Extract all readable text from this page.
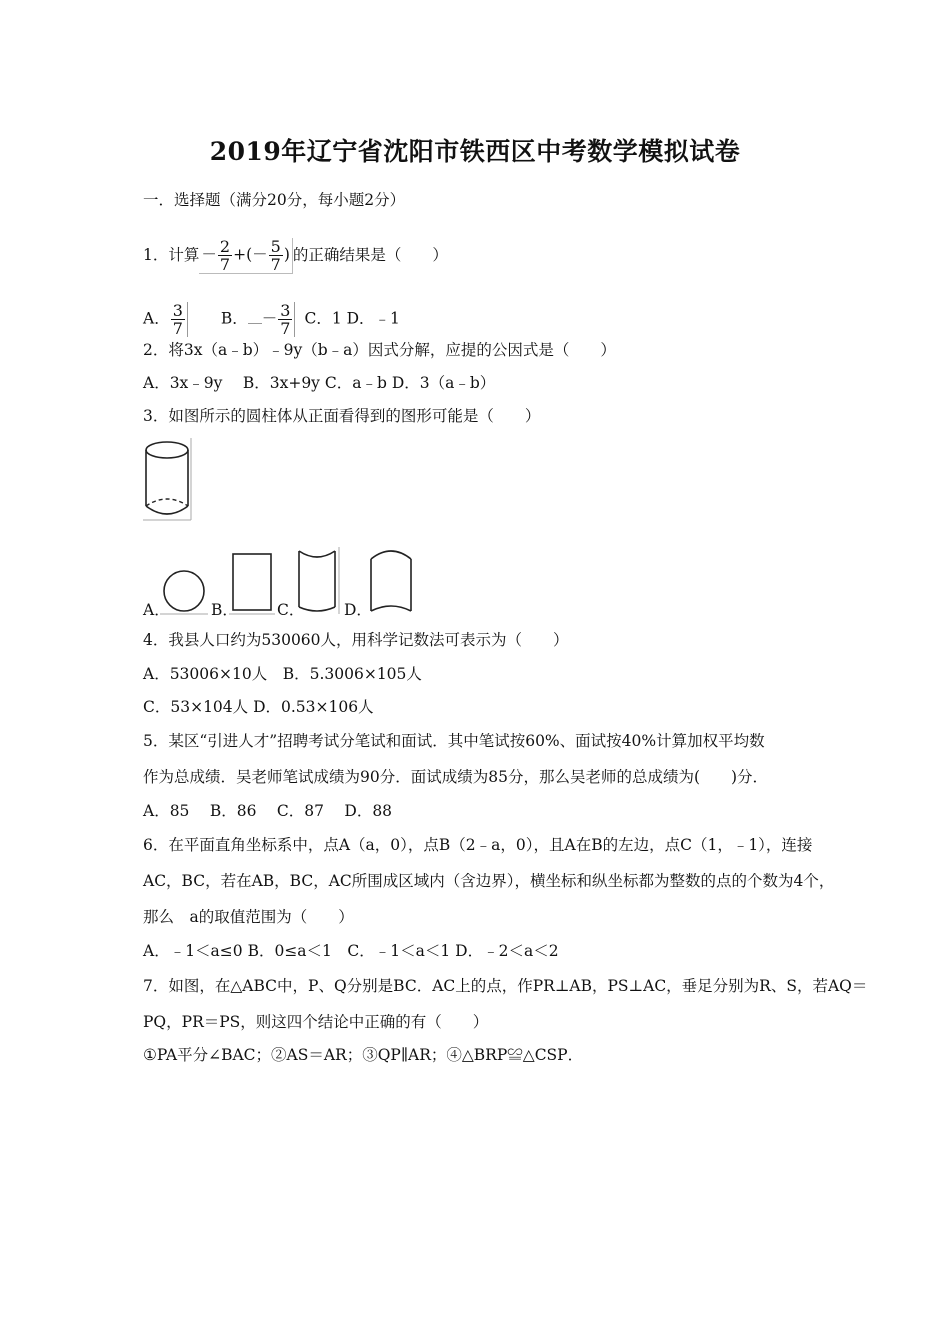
2019年辽宁省沈阳市铁西区中考数学模拟试卷
一．选择题（满分20分，每小题2分）
1．计算 － $\frac{2}{7}$ +(－ $\frac{5}{7}$ ) 的正确结果是（　　）
A． $\frac{3}{7}$ B． － $\frac{3}{7}$ C．1 D．﹣1
2．将3x（a﹣b）﹣9y（b﹣a）因式分解，应提的公因式是（　　）
A．3x﹣9y　 B．3x+9y C．a﹣b D．3（a﹣b）
3．如图所示的圆柱体从正面看得到的图形可能是（　　）
A．	B．	C．	D．
4．我县人口约为530060人，用科学记数法可表示为（　　）
A．53006×10人　B．5.3006×105人
C．53×104人 D．0.53×106人
5．某区“引进人才”招聘考试分笔试和面试．其中笔试按60%、面试按40%计算加权平均数
作为总成绩．吴老师笔试成绩为90分．面试成绩为85分，那么吴老师的总成绩为(　　)分．
A．85　 B．86　 C．87　 D．88
6．在平面直角坐标系中，点A（a，0），点B（2﹣a，0），且A在B的左边，点C（1，﹣1），连接
AC，BC，若在AB，BC，AC所围成区域内（含边界），横坐标和纵坐标都为整数的点的个数为4个，
那么　a的取值范围为（　　）
A．﹣1＜a≤0 B．0≤a＜1　C．﹣1＜a＜1 D．﹣2＜a＜2
7．如图，在△ABC中，P、Q分别是BC．AC上的点，作PR⊥AB，PS⊥AC，垂足分别为R、S，若AQ＝
PQ，PR＝PS，则这四个结论中正确的有（　　）
①PA平分∠BAC；②AS＝AR；③QP∥AR；④△BRP≌△CSP．
